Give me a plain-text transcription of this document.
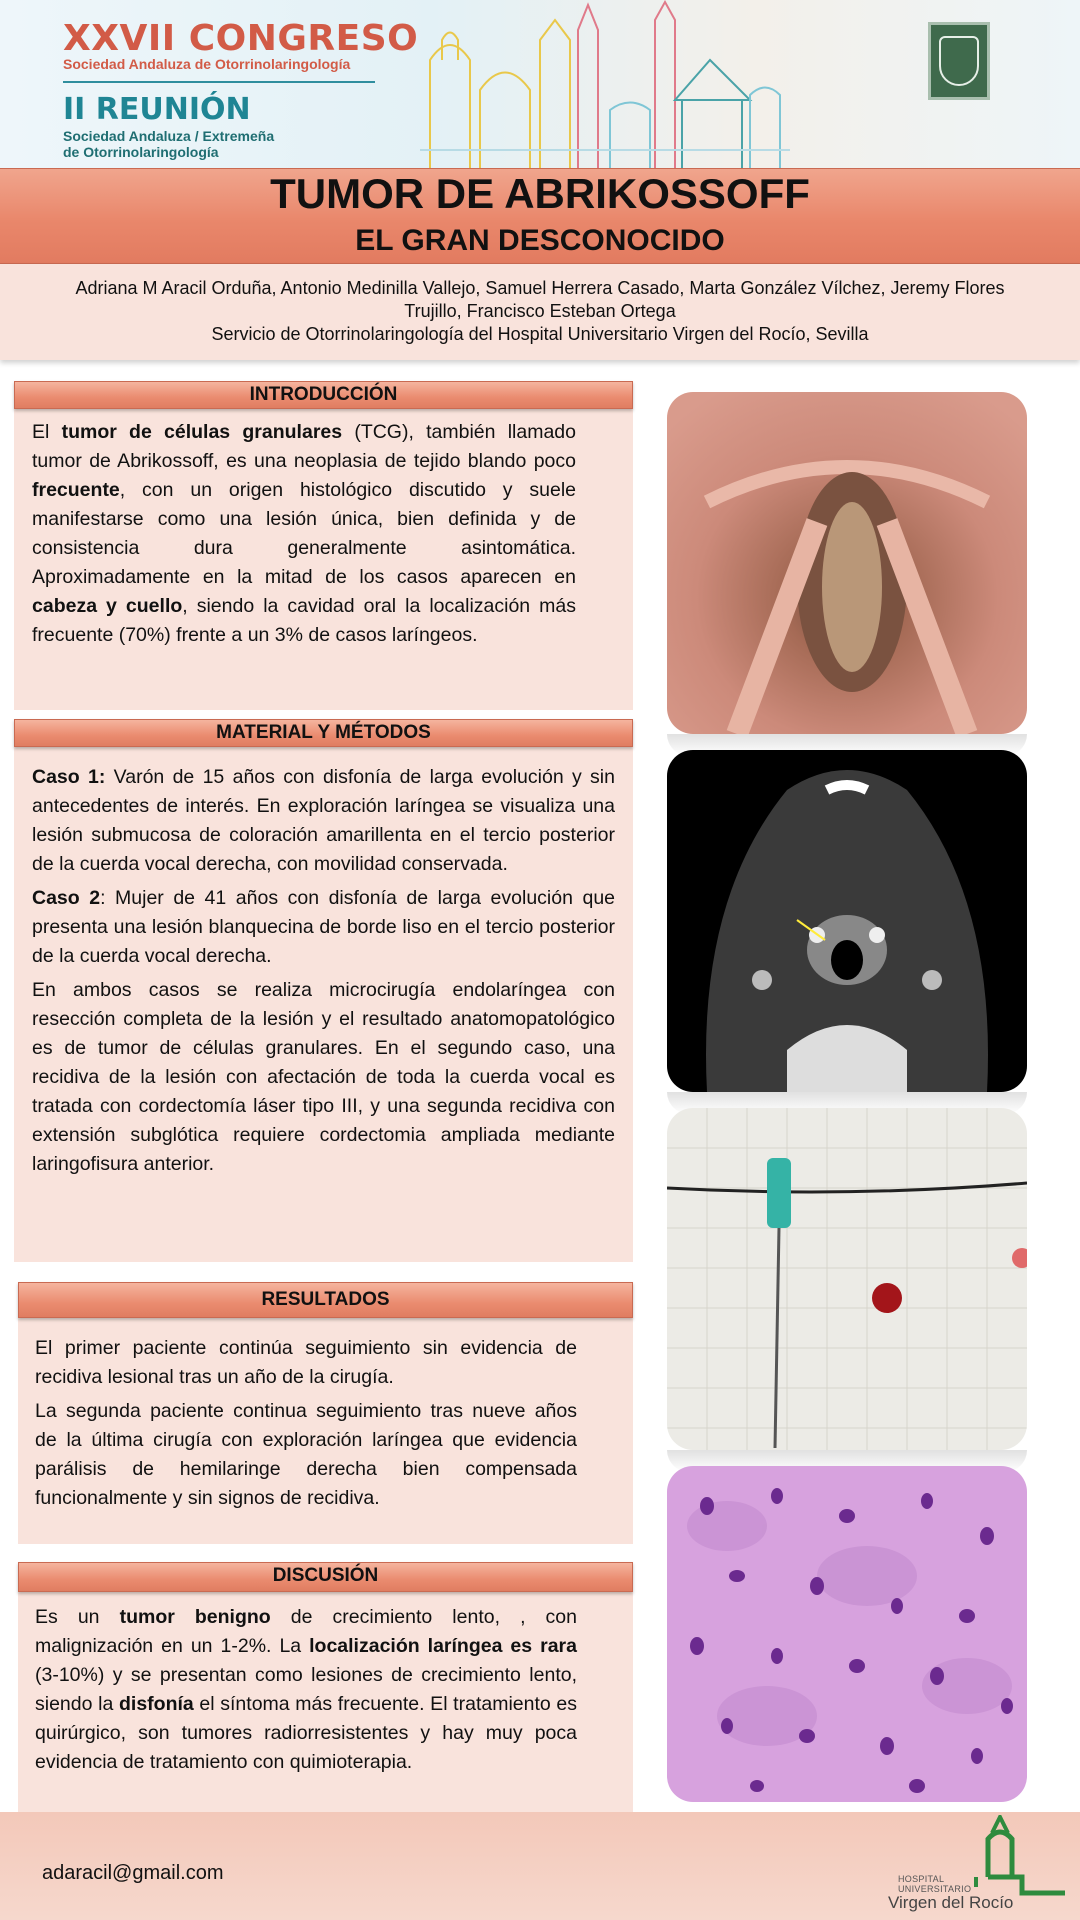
XXVII CONGRESO
Sociedad Andaluza de Otorrinolaringología
II REUNIÓN
Sociedad Andaluza / Extremeña
de Otorrinolaringología
TUMOR DE ABRIKOSSOFF
EL GRAN DESCONOCIDO
Adriana M Aracil Orduña, Antonio Medinilla Vallejo, Samuel Herrera Casado, Marta González Vílchez, Jeremy Flores
Trujillo, Francisco Esteban Ortega
Servicio de Otorrinolaringología del Hospital Universitario Virgen del Rocío, Sevilla
INTRODUCCIÓN

El tumor de células granulares (TCG), también llamado tumor de Abrikossoff, es una neoplasia de tejido blando poco frecuente, con un origen histológico discutido y suele manifestarse como una lesión única, bien definida y de consistencia dura generalmente asintomática. Aproximadamente en la mitad de los casos aparecen en cabeza y cuello, siendo la cavidad oral la localización más frecuente (70%) frente a un 3% de casos laríngeos.

MATERIAL Y MÉTODOS

Caso 1: Varón de 15 años con disfonía de larga evolución y sin antecedentes de interés. En exploración laríngea se visualiza una lesión submucosa de coloración amarillenta en el tercio posterior de la cuerda vocal derecha, con movilidad conservada.

Caso 2: Mujer de 41 años con disfonía de larga evolución que presenta una lesión blanquecina de borde liso en el tercio posterior de la cuerda vocal derecha.

En ambos casos se realiza microcirugía endolaríngea con resección completa de la lesión y el resultado anatomopatológico es de tumor de células granulares. En el segundo caso, una recidiva de la lesión con afectación de toda la cuerda vocal es tratada con cordectomía láser tipo III, y una segunda recidiva con extensión subglótica requiere cordectomia ampliada mediante laringofisura anterior.

RESULTADOS

El primer paciente continúa seguimiento sin evidencia de recidiva lesional tras un año de la cirugía.

La segunda paciente continua seguimiento tras nueve años de la última cirugía con exploración laríngea que evidencia parálisis de hemilaringe derecha bien compensada funcionalmente y sin signos de recidiva.

DISCUSIÓN

Es un tumor benigno de crecimiento lento, , con malignización en un 1-2%. La localización laríngea es rara (3-10%) y se presentan como lesiones de crecimiento lento, siendo la disfonía el síntoma más frecuente. El tratamiento es quirúrgico, son tumores radiorresistentes y hay muy poca evidencia de tratamiento con quimioterapia.

adaracil@gmail.com	HOSPITAL
UNIVERSITARIO
Virgen del Rocío
